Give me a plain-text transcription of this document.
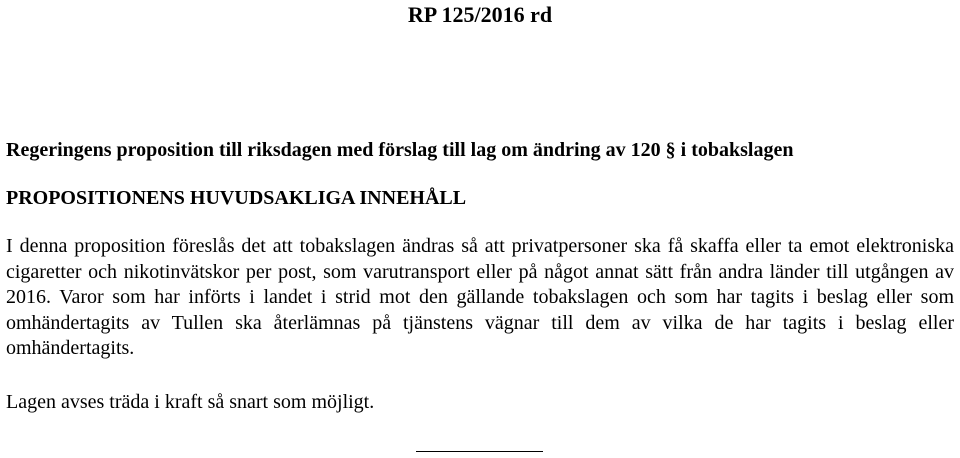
RP 125/2016 rd
Regeringens proposition till riksdagen med förslag till lag om ändring av 120 § i tobakslagen
PROPOSITIONENS HUVUDSAKLIGA INNEHÅLL

I denna proposition föreslås det att tobakslagen ändras så att privatpersoner ska få skaffa eller ta emot elektroniska cigaretter och nikotinvätskor per post, som varutransport eller på något annat sätt från andra länder till utgången av 2016. Varor som har införts i landet i strid mot den gällande tobakslagen och som har tagits i beslag eller som omhändertagits av Tullen ska återlämnas på tjänstens vägnar till dem av vilka de har tagits i beslag eller omhändertagits.

Lagen avses träda i kraft så snart som möjligt.
